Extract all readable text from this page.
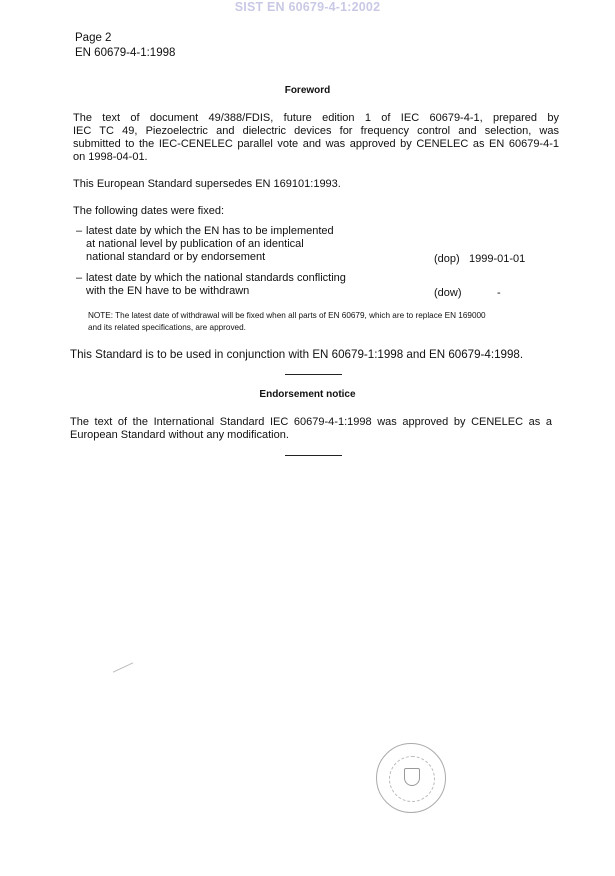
SIST EN 60679-4-1:2002
Page 2
EN 60679-4-1:1998
Foreword
The text of document 49/388/FDIS, future edition 1 of IEC 60679-4-1, prepared by
IEC TC 49, Piezoelectric and dielectric devices for frequency control and selection, was
submitted to the IEC-CENELEC parallel vote and was approved by CENELEC as EN 60679-4-1
on 1998-04-01.
This European Standard supersedes EN 169101:1993.
The following dates were fixed:
– latest date by which the EN has to be implemented
at national level by publication of an identical
national standard or by endorsement	(dop) 1999-01-01
– latest date by which the national standards conflicting
with the EN have to be withdrawn	(dow)	-
NOTE: The latest date of withdrawal will be fixed when all parts of EN 60679, which are to replace EN 169000
and its related specifications, are approved.
This Standard is to be used in conjunction with EN 60679-1:1998 and EN 60679-4:1998.
Endorsement notice
The text of the International Standard IEC 60679-4-1:1998 was approved by CENELEC as a
European Standard without any modification.
